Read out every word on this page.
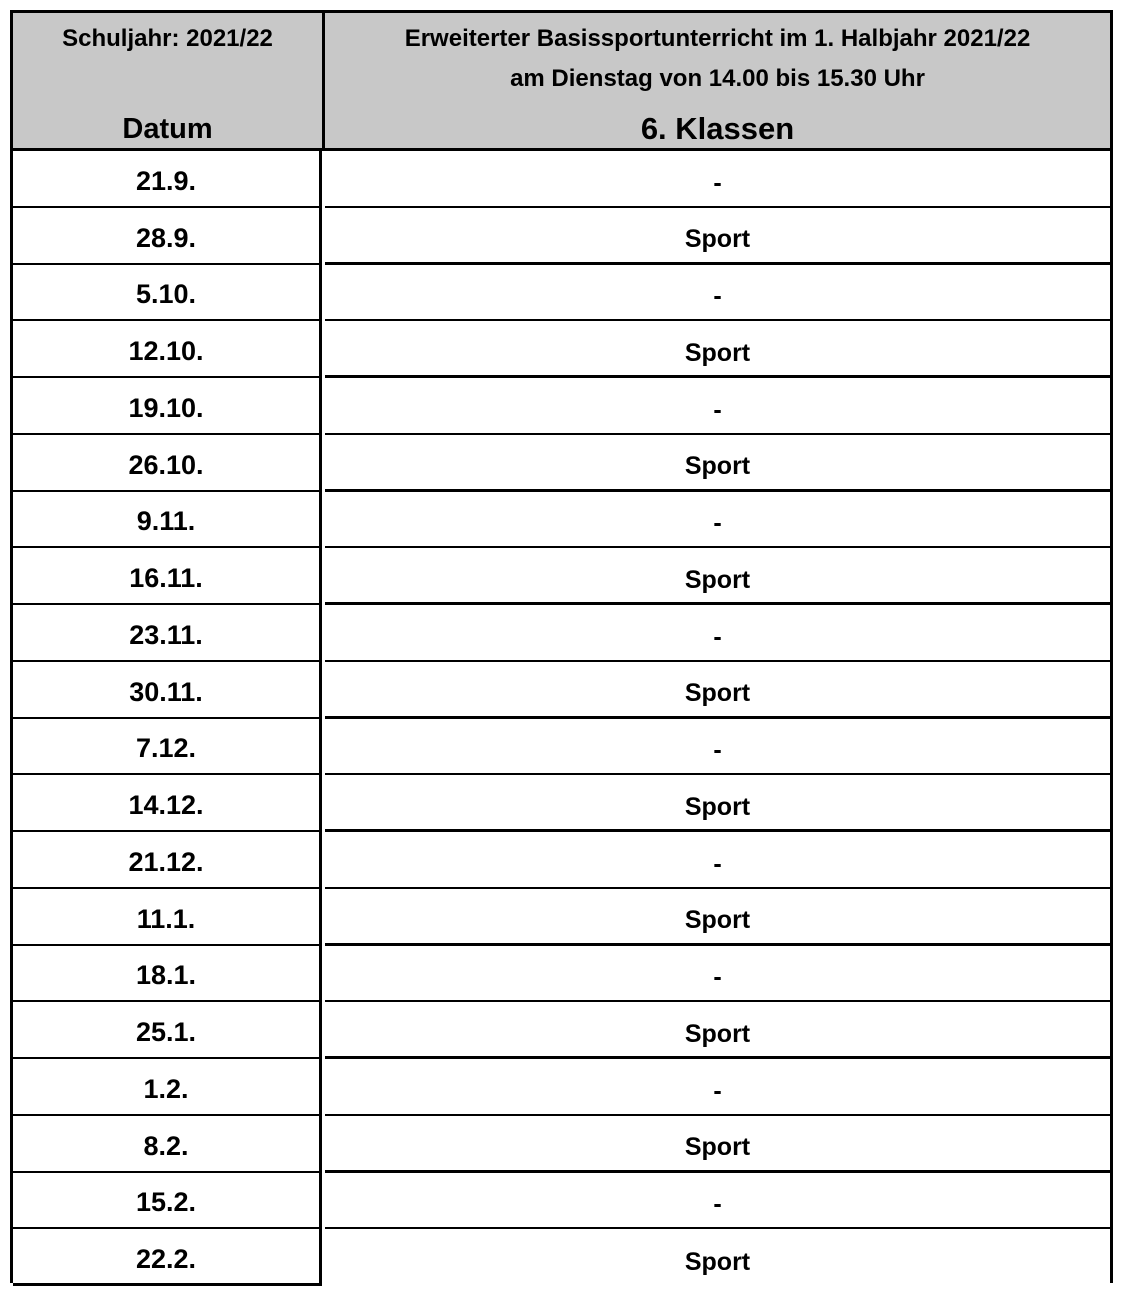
Schuljahr: 2021/22
Datum
Erweiterter Basissportunterricht im 1. Halbjahr 2021/22
am Dienstag von 14.00 bis 15.30 Uhr
6. Klassen
21.9.	-
28.9.	Sport
5.10.	-
12.10.	Sport
19.10.	-
26.10.	Sport
9.11.	-
16.11.	Sport
23.11.	-
30.11.	Sport
7.12.	-
14.12.	Sport
21.12.	-
11.1.	Sport
18.1.	-
25.1.	Sport
1.2.	-
8.2.	Sport
15.2.	-
22.2.	Sport
